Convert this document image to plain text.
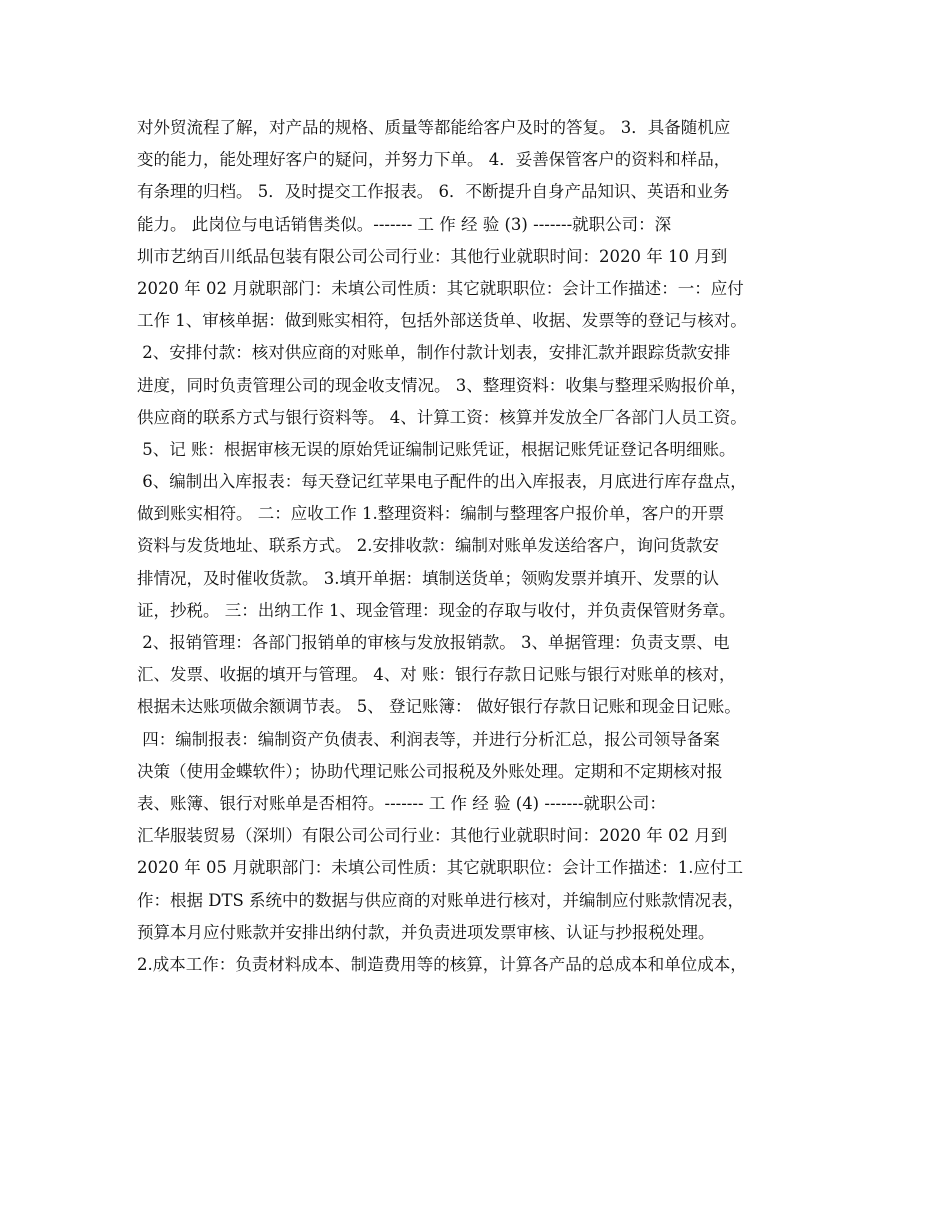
对外贸流程了解，对产品的规格、质量等都能给客户及时的答复。 3．具备随机应
变的能力，能处理好客户的疑问，并努力下单。 4．妥善保管客户的资料和样品，
有条理的归档。 5．及时提交工作报表。 6．不断提升自身产品知识、英语和业务
能力。 此岗位与电话销售类似。------- 工 作 经 验 (3) -------就职公司：深
圳市艺纳百川纸品包装有限公司公司行业：其他行业就职时间：2020 年 10 月到
2020 年 02 月就职部门：未填公司性质：其它就职职位：会计工作描述：一：应付
工作 1、审核单据：做到账实相符，包括外部送货单、收据、发票等的登记与核对。
2、安排付款：核对供应商的对账单，制作付款计划表，安排汇款并跟踪货款安排
进度，同时负责管理公司的现金收支情况。 3、整理资料：收集与整理采购报价单，
供应商的联系方式与银行资料等。 4、计算工资：核算并发放全厂各部门人员工资。
5、记 账：根据审核无误的原始凭证编制记账凭证，根据记账凭证登记各明细账。
6、编制出入库报表：每天登记红苹果电子配件的出入库报表，月底进行库存盘点，
做到账实相符。 二：应收工作 1.整理资料：编制与整理客户报价单，客户的开票
资料与发货地址、联系方式。 2.安排收款：编制对账单发送给客户，询问货款安
排情况，及时催收货款。 3.填开单据：填制送货单；领购发票并填开、发票的认
证，抄税。 三：出纳工作 1、现金管理：现金的存取与收付，并负责保管财务章。
2、报销管理：各部门报销单的审核与发放报销款。 3、单据管理：负责支票、电
汇、发票、收据的填开与管理。 4、对 账：银行存款日记账与银行对账单的核对，
根据未达账项做余额调节表。 5、 登记账簿： 做好银行存款日记账和现金日记账。
四：编制报表：编制资产负债表、利润表等，并进行分析汇总，报公司领导备案
决策（使用金蝶软件）；协助代理记账公司报税及外账处理。定期和不定期核对报
表、账簿、银行对账单是否相符。------- 工 作 经 验 (4) -------就职公司：
汇华服装贸易（深圳）有限公司公司行业：其他行业就职时间：2020 年 02 月到
2020 年 05 月就职部门：未填公司性质：其它就职职位：会计工作描述：1.应付工
作：根据 DTS 系统中的数据与供应商的对账单进行核对，并编制应付账款情况表，
预算本月应付账款并安排出纳付款，并负责进项发票审核、认证与抄报税处理。
2.成本工作：负责材料成本、制造费用等的核算，计算各产品的总成本和单位成本，
